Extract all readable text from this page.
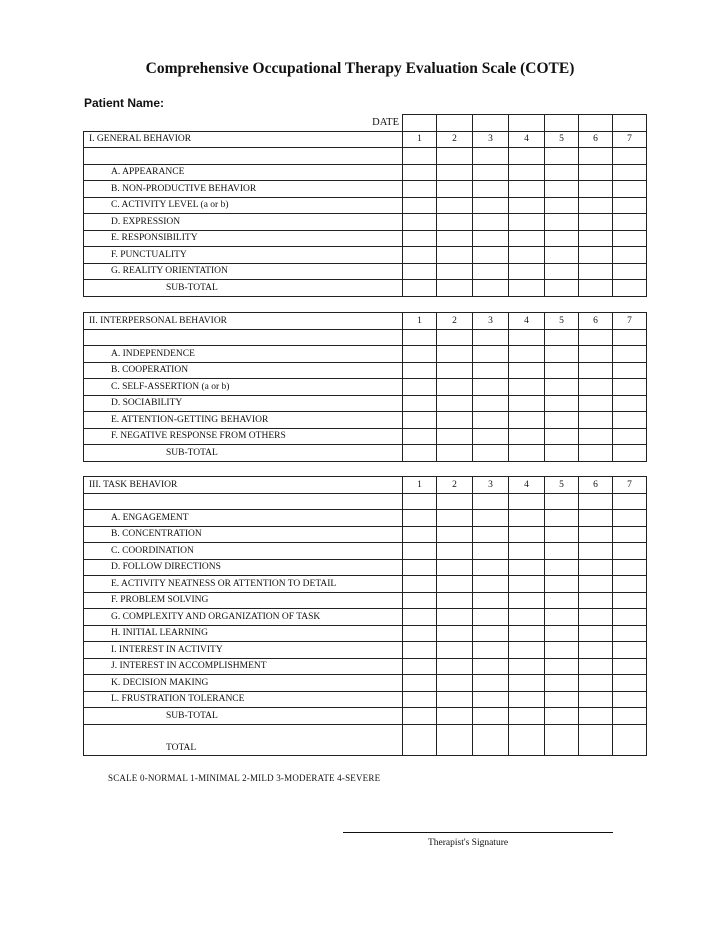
Comprehensive Occupational Therapy Evaluation Scale (COTE)
Patient Name:
DATE							
I. GENERAL BEHAVIOR	1	2	3	4	5	6	7

A. APPEARANCE							
B. NON-PRODUCTIVE BEHAVIOR							
C. ACTIVITY LEVEL (a or b)							
D. EXPRESSION							
E. RESPONSIBILITY							
F. PUNCTUALITY							
G. REALITY ORIENTATION							
SUB-TOTAL							
II. INTERPERSONAL BEHAVIOR	1	2	3	4	5	6	7

A. INDEPENDENCE							
B. COOPERATION							
C. SELF-ASSERTION (a or b)							
D. SOCIABILITY							
E. ATTENTION-GETTING BEHAVIOR							
F. NEGATIVE RESPONSE FROM OTHERS							
SUB-TOTAL							
III. TASK BEHAVIOR	1	2	3	4	5	6	7

A. ENGAGEMENT							
B. CONCENTRATION							
C. COORDINATION							
D. FOLLOW DIRECTIONS							
E. ACTIVITY NEATNESS OR ATTENTION TO DETAIL							
F. PROBLEM SOLVING							
G. COMPLEXITY AND ORGANIZATION OF TASK							
H. INITIAL LEARNING							
I. INTEREST IN ACTIVITY							
J. INTEREST IN ACCOMPLISHMENT							
K. DECISION MAKING							
L. FRUSTRATION TOLERANCE							
SUB-TOTAL							
TOTAL							
SCALE 0-NORMAL 1-MINIMAL 2-MILD 3-MODERATE 4-SEVERE
Therapist's Signature
